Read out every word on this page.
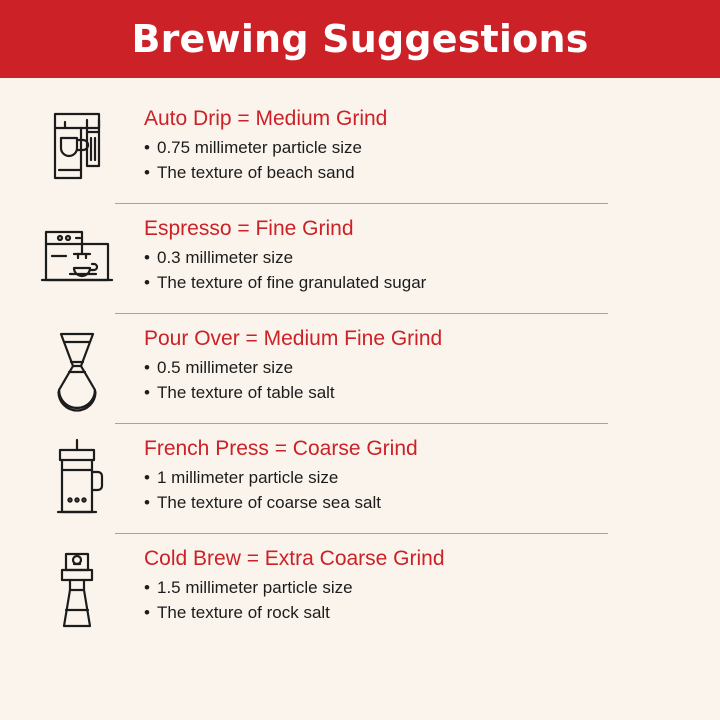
Brewing Suggestions
Auto Drip = Medium Grind
• 0.75 millimeter particle size
• The texture of beach sand
Espresso = Fine Grind
• 0.3 millimeter size
• The texture of fine granulated sugar
Pour Over = Medium Fine Grind
• 0.5 millimeter size
• The texture of table salt
French Press = Coarse Grind
• 1 millimeter particle size
• The texture of coarse sea salt
Cold Brew = Extra Coarse Grind
• 1.5 millimeter particle size
• The texture of rock salt
